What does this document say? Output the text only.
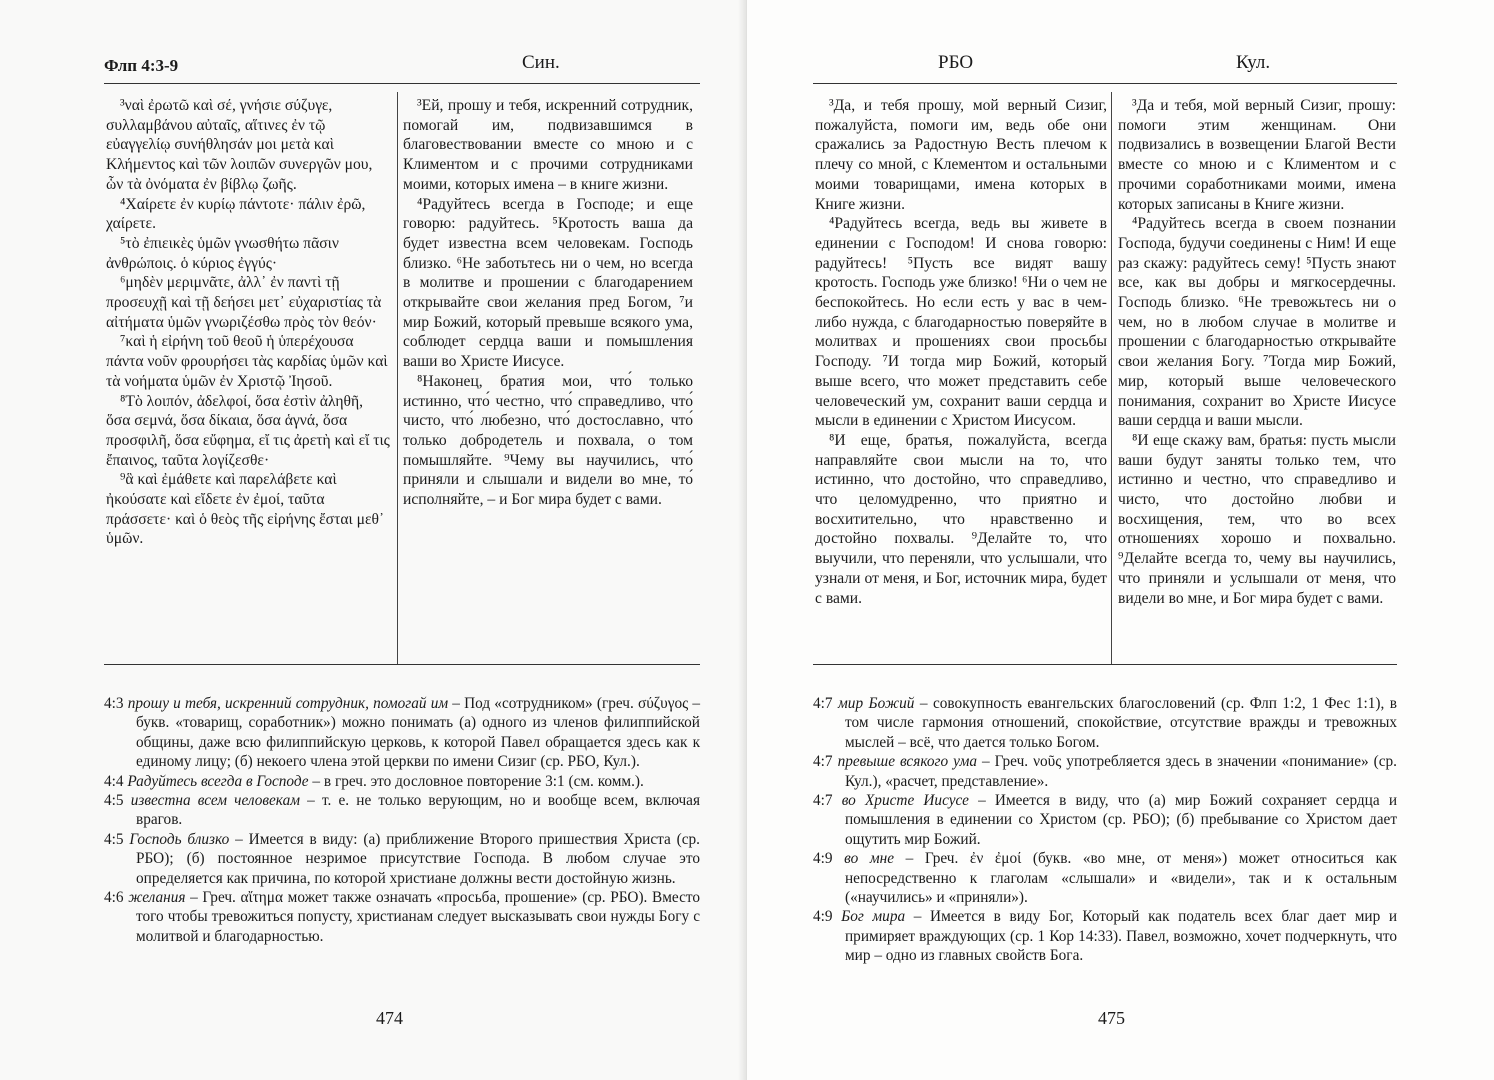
Флп 4:3-9	Син.

³ναὶ ἐρωτῶ καὶ σέ, γνήσιε σύζυγε, συλλαμβάνου αὐταῖς, αἵτινες ἐν τῷ εὐαγγελίῳ συνήθλησάν μοι μετὰ καὶ Κλήμεντος καὶ τῶν λοιπῶν συνεργῶν μου, ὧν τὰ ὀνόματα ἐν βίβλῳ ζωῆς.

⁴Χαίρετε ἐν κυρίῳ πάντοτε· πάλιν ἐρῶ, χαίρετε.

⁵τὸ ἐπιεικὲς ὑμῶν γνωσθήτω πᾶσιν ἀνθρώποις. ὁ κύριος ἐγγύς·

⁶μηδὲν μεριμνᾶτε, ἀλλ᾽ ἐν παντὶ τῇ προσευχῇ καὶ τῇ δεήσει μετ᾽ εὐχαριστίας τὰ αἰτήματα ὑμῶν γνωριζέσθω πρὸς τὸν θεόν·

⁷καὶ ἡ εἰρήνη τοῦ θεοῦ ἡ ὑπερέχουσα πάντα νοῦν φρουρήσει τὰς καρδίας ὑμῶν καὶ τὰ νοήματα ὑμῶν ἐν Χριστῷ Ἰησοῦ.

⁸Τὸ λοιπόν, ἀδελφοί, ὅσα ἐστὶν ἀληθῆ, ὅσα σεμνά, ὅσα δίκαια, ὅσα ἁγνά, ὅσα προσφιλῆ, ὅσα εὔφημα, εἴ τις ἀρετὴ καὶ εἴ τις ἔπαινος, ταῦτα λογίζεσθε·

⁹ἃ καὶ ἐμάθετε καὶ παρελάβετε καὶ ἠκούσατε καὶ εἴδετε ἐν ἐμοί, ταῦτα πράσσετε· καὶ ὁ θεὸς τῆς εἰρήνης ἔσται μεθ᾽ ὑμῶν.

³Ей, прошу и тебя, искренний сотрудник, помогай им, подвизавшимся в благовествовании вместе со мною и с Климентом и с прочими сотрудниками моими, которых имена – в книге жизни.

⁴Радуйтесь всегда в Господе; и еще говорю: радуйтесь. ⁵Кротость ваша да будет известна всем человекам. Господь близко. ⁶Не заботьтесь ни о чем, но всегда в молитве и прошении с благодарением открывайте свои желания пред Богом, ⁷и мир Божий, который превыше всякого ума, соблюдет сердца ваши и помышления ваши во Христе Иисусе.

⁸Наконец, братия мои, что́ только истинно, что́ честно, что́ справедливо, что́ чисто, что́ любезно, что́ достославно, что́ только добродетель и похвала, о том помышляйте. ⁹Чему вы научились, что́ приняли и слышали и видели во мне, то́ исполняйте, – и Бог мира будет с вами.

4:3 прошу и тебя, искренний сотрудник, помогай им – Под «сотрудником» (греч. σύζυγος – букв. «товарищ, соработник») можно понимать (а) одного из членов филиппийской общины, даже всю филиппийскую церковь, к которой Павел обращается здесь как к единому лицу; (б) некоего члена этой церкви по имени Сизиг (ср. РБО, Кул.).

4:4 Радуйтесь всегда в Господе – в греч. это дословное повторение 3:1 (см. комм.).

4:5 известна всем человекам – т. е. не только верующим, но и вообще всем, включая врагов.

4:5 Господь близко – Имеется в виду: (а) приближение Второго пришествия Христа (ср. РБО); (б) постоянное незримое присутствие Господа. В любом случае это определяется как причина, по которой христиане должны вести достойную жизнь.

4:6 желания – Греч. αἴτημα может также означать «просьба, прошение» (ср. РБО). Вместо того чтобы тревожиться попусту, христианам следует высказывать свои нужды Богу с молитвой и благодарностью.

474
РБО	Кул.

³Да, и тебя прошу, мой верный Сизиг, пожалуйста, помоги им, ведь обе они сражались за Радостную Весть плечом к плечу со мной, с Клементом и остальными моими товарищами, имена которых в Книге жизни.

⁴Радуйтесь всегда, ведь вы живете в единении с Господом! И снова говорю: радуйтесь! ⁵Пусть все видят вашу кротость. Господь уже близко! ⁶Ни о чем не беспокойтесь. Но если есть у вас в чем-либо нужда, с благодарностью поверяйте в молитвах и прошениях свои просьбы Господу. ⁷И тогда мир Божий, который выше всего, что может представить себе человеческий ум, сохранит ваши сердца и мысли в единении с Христом Иисусом.

⁸И еще, братья, пожалуйста, всегда направляйте свои мысли на то, что истинно, что достойно, что справедливо, что целомудренно, что приятно и восхитительно, что нравственно и достойно похвалы. ⁹Делайте то, что выучили, что переняли, что услышали, что узнали от меня, и Бог, источник мира, будет с вами.

³Да и тебя, мой верный Сизиг, прошу: помоги этим женщинам. Они подвизались в возвещении Благой Вести вместе со мною и с Климентом и с прочими соработниками моими, имена которых записаны в Книге жизни.

⁴Радуйтесь всегда в своем познании Господа, будучи соединены с Ним! И еще раз скажу: радуйтесь сему! ⁵Пусть знают все, как вы добры и мягкосердечны. Господь близко. ⁶Не тревожьтесь ни о чем, но в любом случае в молитве и прошении с благодарностью открывайте свои желания Богу. ⁷Тогда мир Божий, мир, который выше человеческого понимания, сохранит во Христе Иисусе ваши сердца и ваши мысли.

⁸И еще скажу вам, братья: пусть мысли ваши будут заняты только тем, что истинно и честно, что справедливо и чисто, что достойно любви и восхищения, тем, что во всех отношениях хорошо и похвально. ⁹Делайте всегда то, чему вы научились, что приняли и услышали от меня, что видели во мне, и Бог мира будет с вами.

4:7 мир Божий – совокупность евангельских благословений (ср. Флп 1:2, 1 Фес 1:1), в том числе гармония отношений, спокойствие, отсутствие вражды и тревожных мыслей – всё, что дается только Богом.

4:7 превыше всякого ума – Греч. νοῦς употребляется здесь в значении «понимание» (ср. Кул.), «расчет, представление».

4:7 во Христе Иисусе – Имеется в виду, что (а) мир Божий сохраняет сердца и помышления в единении со Христом (ср. РБО); (б) пребывание со Христом дает ощутить мир Божий.

4:9 во мне – Греч. ἐν ἐμοί (букв. «во мне, от меня») может относиться как непосредственно к глаголам «слышали» и «видели», так и к остальным («научились» и «приняли»).

4:9 Бог мира – Имеется в виду Бог, Который как податель всех благ дает мир и примиряет враждующих (ср. 1 Кор 14:33). Павел, возможно, хочет подчеркнуть, что мир – одно из главных свойств Бога.

475
